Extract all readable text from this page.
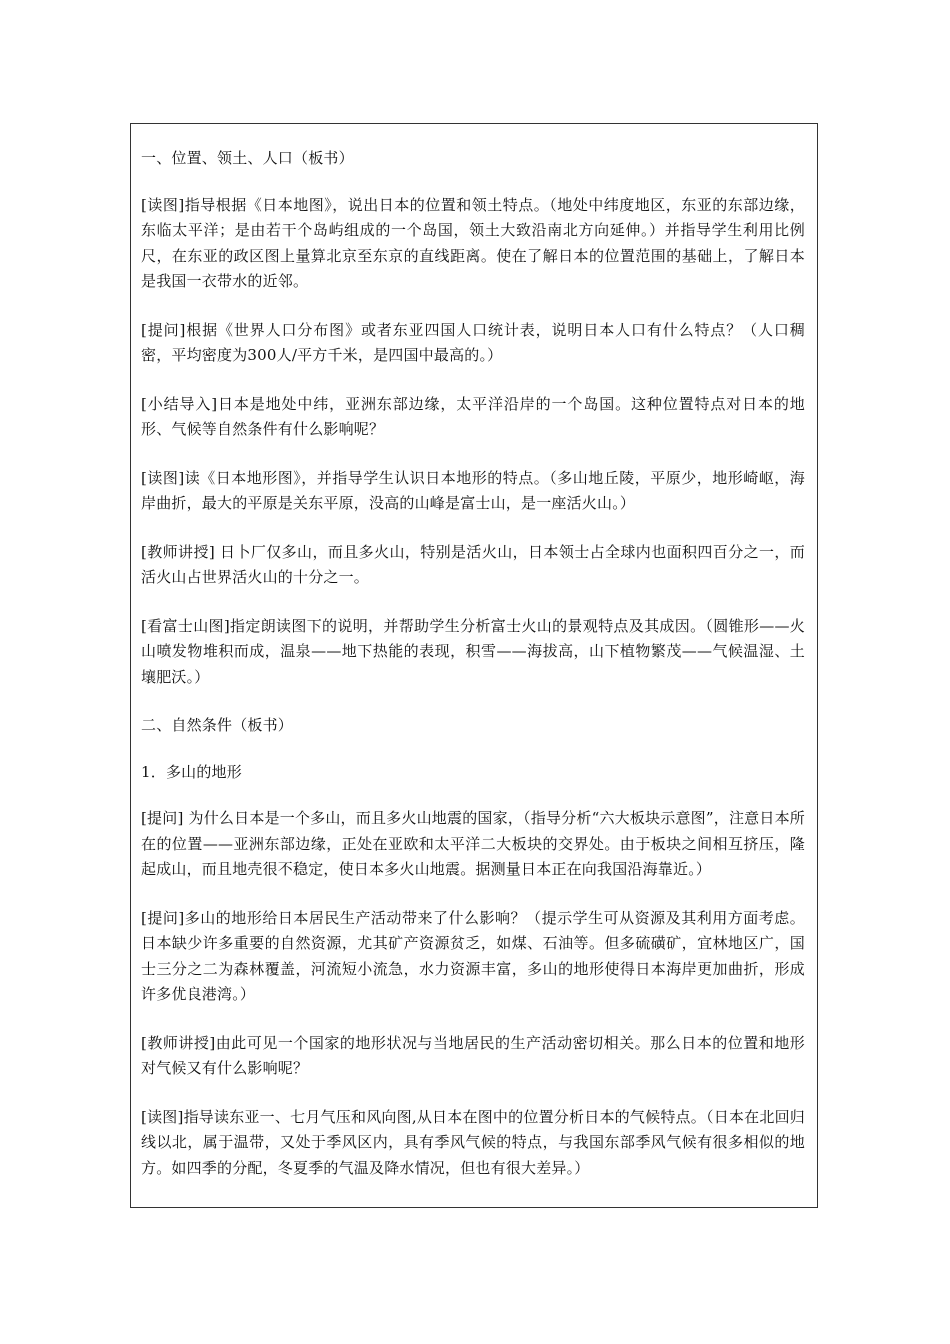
一、位置、领土、人口（板书）

[读图]指导根据《日本地图》，说出日本的位置和领土特点。（地处中纬度地区，东亚的东部边缘，东临太平洋；是由若干个岛屿组成的一个岛国，领土大致沿南北方向延伸。）并指导学生利用比例尺，在东亚的政区图上量算北京至东京的直线距离。使在了解日本的位置范围的基础上，了解日本是我国一衣带水的近邻。

[提问]根据《世界人口分布图》或者东亚四国人口统计表，说明日本人口有什么特点？（人口稠密，平均密度为300人/平方千米，是四国中最高的。）

[小结导入]日本是地处中纬，亚洲东部边缘，太平洋沿岸的一个岛国。这种位置特点对日本的地形、气候等自然条件有什么影响呢？

[读图]读《日本地形图》，并指导学生认识日本地形的特点。（多山地丘陵，平原少，地形崎岖，海岸曲折，最大的平原是关东平原，没高的山峰是富士山，是一座活火山。）

[教师讲授] 日卜厂仅多山，而且多火山，特别是活火山，日本领士占全球内也面积四百分之一，而活火山占世界活火山的十分之一。

[看富士山图]指定朗读图下的说明，并帮助学生分析富士火山的景观特点及其成因。（圆锥形——火山喷发物堆积而成，温泉——地下热能的表现，积雪——海拔高，山下植物繁茂——气候温湿、土壤肥沃。）

二、自然条件（板书）

1．多山的地形

[提问] 为什么日本是一个多山，而且多火山地震的国家，（指导分析“六大板块示意图”，注意日本所在的位置——亚洲东部边缘，正处在亚欧和太平洋二大板块的交界处。由于板块之间相互挤压，隆起成山，而且地壳很不稳定，使日本多火山地震。据测量日本正在向我国沿海靠近。）

[提问]多山的地形给日本居民生产活动带来了什么影响？（提示学生可从资源及其利用方面考虑。日本缺少许多重要的自然资源，尤其矿产资源贫乏，如煤、石油等。但多硫磺矿，宜林地区广，国士三分之二为森林覆盖，河流短小流急，水力资源丰富，多山的地形使得日本海岸更加曲折，形成许多优良港湾。）

[教师讲授]由此可见一个国家的地形状况与当地居民的生产活动密切相关。那么日本的位置和地形对气候又有什么影响呢？

[读图]指导读东亚一、七月气压和风向图,从日本在图中的位置分析日本的气候特点。（日本在北回归线以北，属于温带，又处于季风区内，具有季风气候的特点，与我国东部季风气候有很多相似的地方。如四季的分配，冬夏季的气温及降水情况，但也有很大差异。）
